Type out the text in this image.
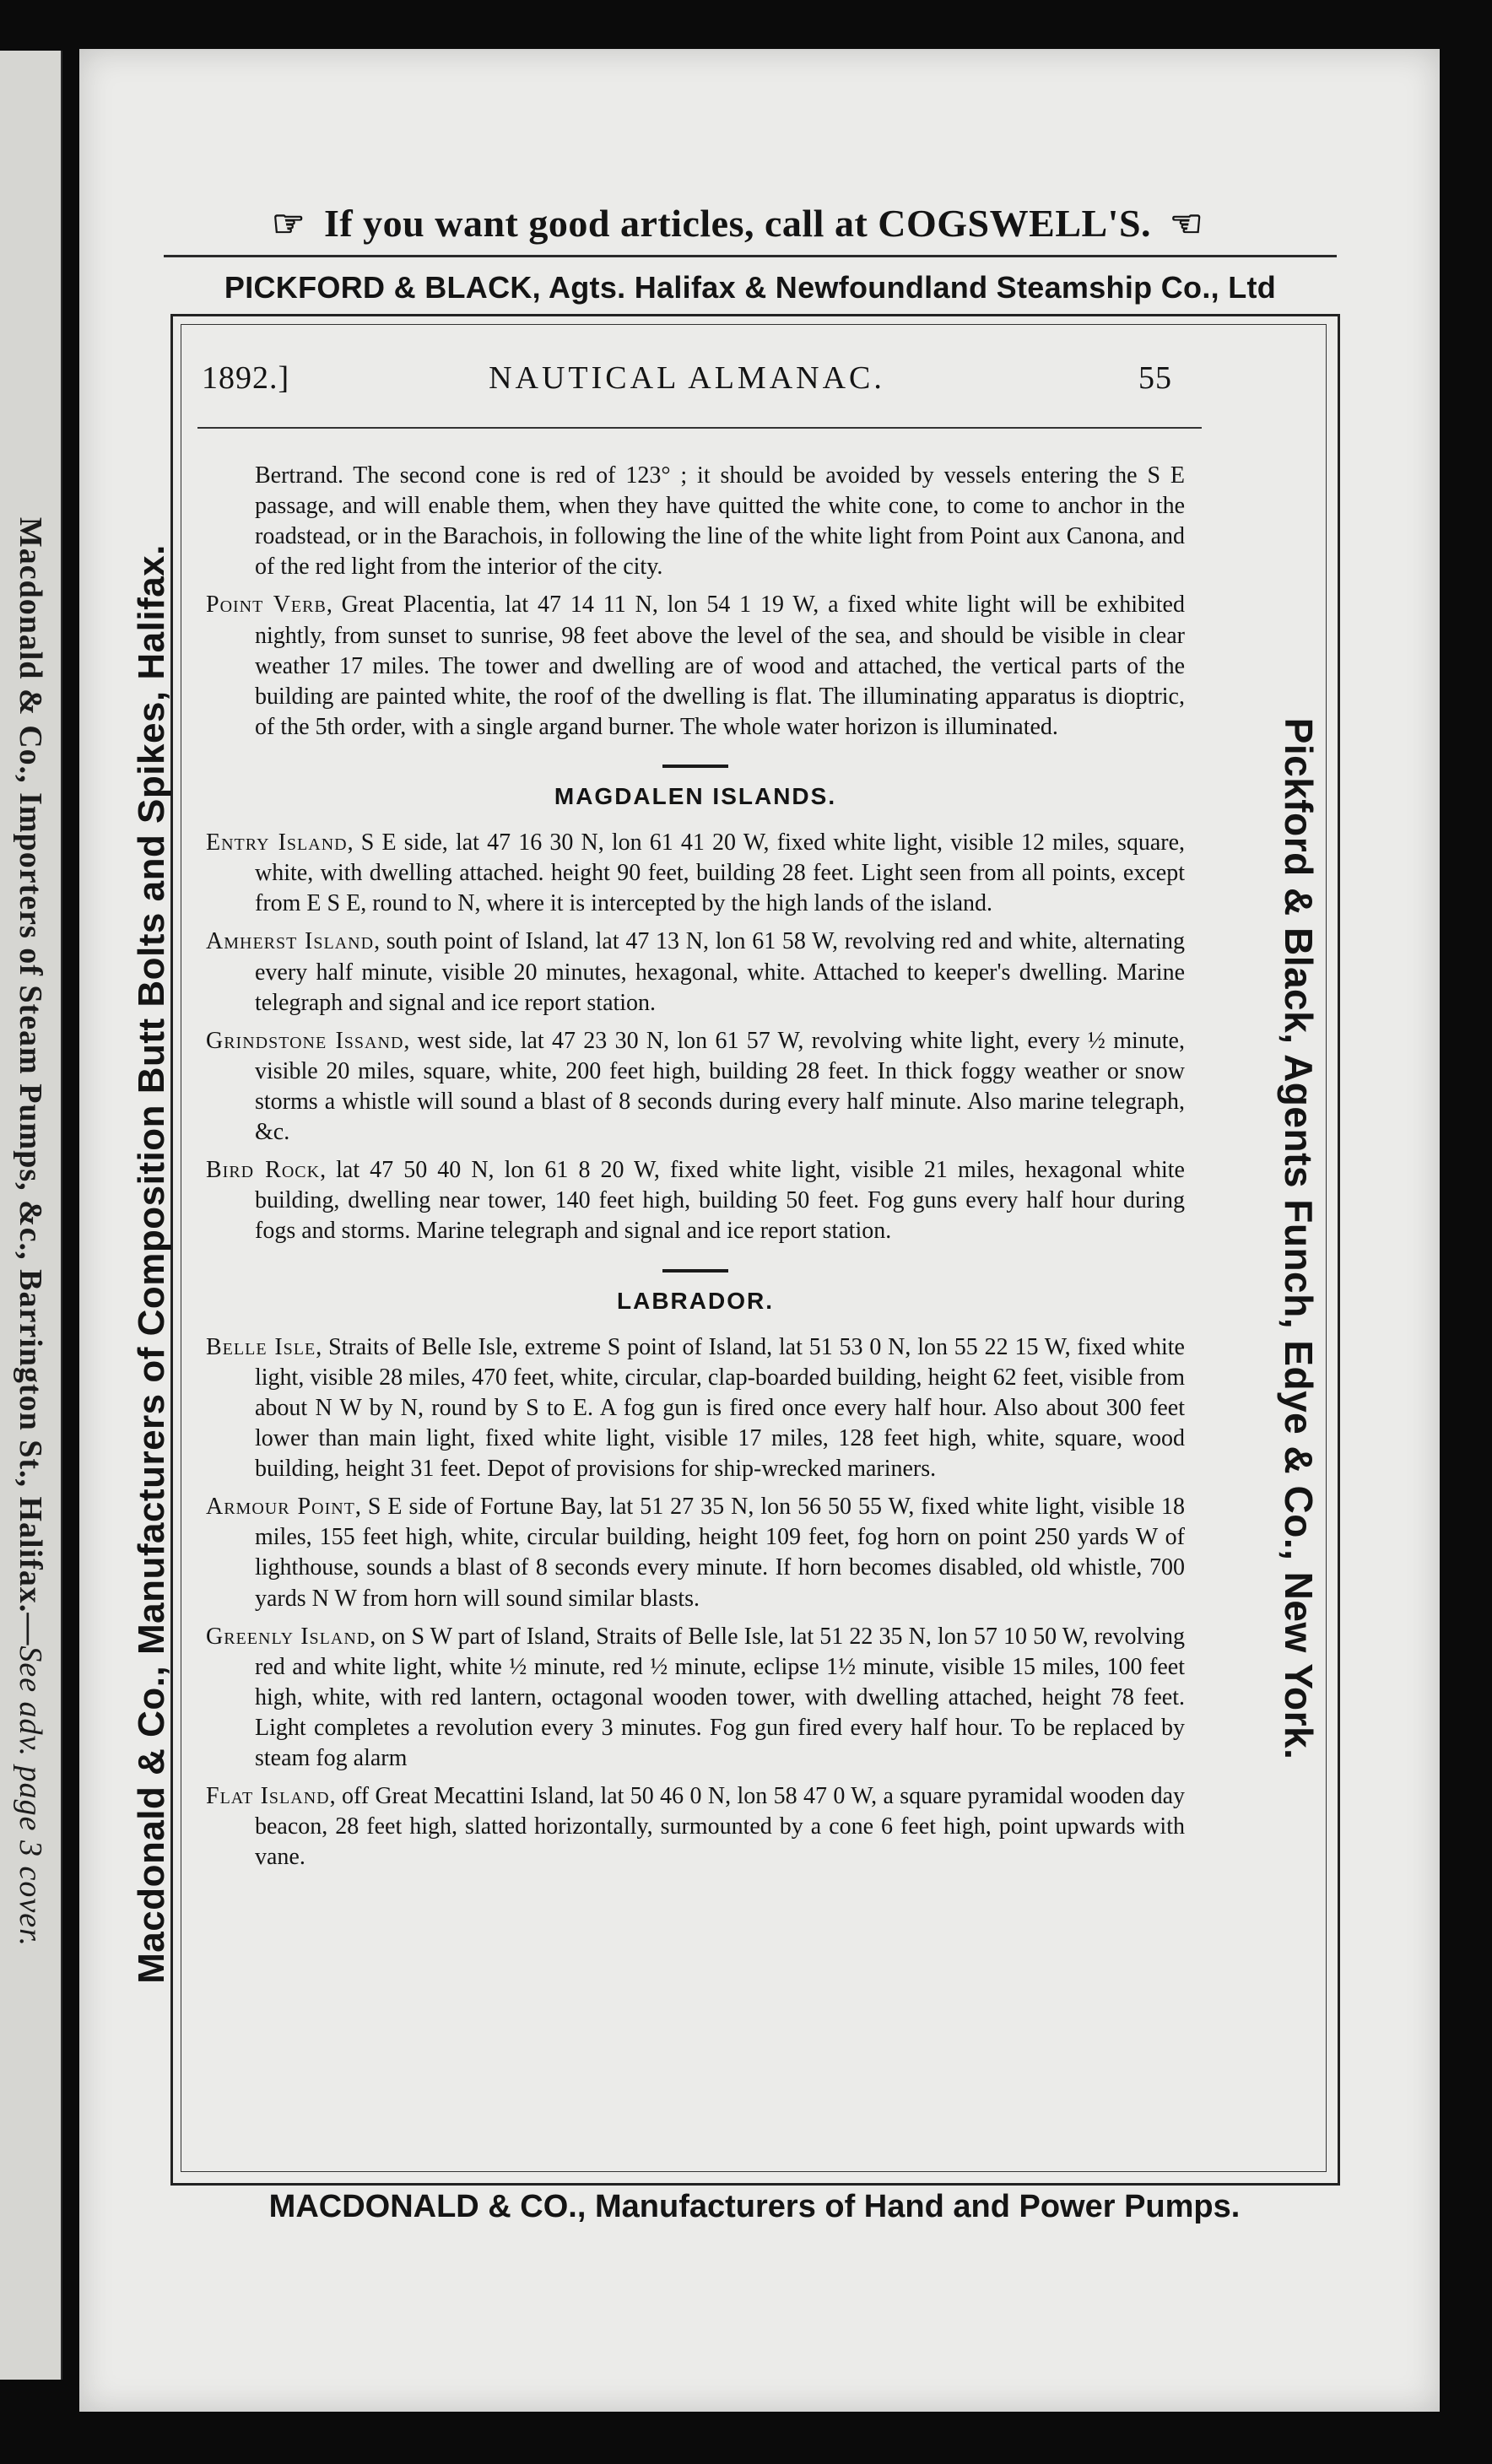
Macdonald & Co., Importers of Steam Pumps, &c., Barrington St., Halifax.—See adv. page 3 cover.
☞ If you want good articles, call at COGSWELL'S. ☜
PICKFORD & BLACK, Agts. Halifax & Newfoundland Steamship Co., Ltd
Macdonald & Co., Manufacturers of Composition Butt Bolts and Spikes, Halifax.	Pickford & Black, Agents Funch, Edye & Co., New York.
1892.]	NAUTICAL ALMANAC.	55

Bertrand. The second cone is red of 123° ; it should be avoided by vessels entering the S E passage, and will enable them, when they have quitted the white cone, to come to anchor in the roadstead, or in the Barachois, in following the line of the white light from Point aux Canona, and of the red light from the interior of the city.

Point Verb, Great Placentia, lat 47 14 11 N, lon 54 1 19 W, a fixed white light will be exhibited nightly, from sunset to sunrise, 98 feet above the level of the sea, and should be visible in clear weather 17 miles. The tower and dwelling are of wood and attached, the vertical parts of the building are painted white, the roof of the dwelling is flat. The illuminating apparatus is dioptric, of the 5th order, with a single argand burner. The whole water horizon is illuminated.

MAGDALEN ISLANDS.

Entry Island, S E side, lat 47 16 30 N, lon 61 41 20 W, fixed white light, visible 12 miles, square, white, with dwelling attached. height 90 feet, building 28 feet. Light seen from all points, except from E S E, round to N, where it is intercepted by the high lands of the island.

Amherst Island, south point of Island, lat 47 13 N, lon 61 58 W, revolving red and white, alternating every half minute, visible 20 minutes, hexagonal, white. Attached to keeper's dwelling. Marine telegraph and signal and ice report station.

Grindstone Issand, west side, lat 47 23 30 N, lon 61 57 W, revolving white light, every ½ minute, visible 20 miles, square, white, 200 feet high, building 28 feet. In thick foggy weather or snow storms a whistle will sound a blast of 8 seconds during every half minute. Also marine telegraph, &c.

Bird Rock, lat 47 50 40 N, lon 61 8 20 W, fixed white light, visible 21 miles, hexagonal white building, dwelling near tower, 140 feet high, building 50 feet. Fog guns every half hour during fogs and storms. Marine telegraph and signal and ice report station.

LABRADOR.

Belle Isle, Straits of Belle Isle, extreme S point of Island, lat 51 53 0 N, lon 55 22 15 W, fixed white light, visible 28 miles, 470 feet, white, circular, clap-boarded building, height 62 feet, visible from about N W by N, round by S to E. A fog gun is fired once every half hour. Also about 300 feet lower than main light, fixed white light, visible 17 miles, 128 feet high, white, square, wood building, height 31 feet. Depot of provisions for ship-wrecked mariners.

Armour Point, S E side of Fortune Bay, lat 51 27 35 N, lon 56 50 55 W, fixed white light, visible 18 miles, 155 feet high, white, circular building, height 109 feet, fog horn on point 250 yards W of lighthouse, sounds a blast of 8 seconds every minute. If horn becomes disabled, old whistle, 700 yards N W from horn will sound similar blasts.

Greenly Island, on S W part of Island, Straits of Belle Isle, lat 51 22 35 N, lon 57 10 50 W, revolving red and white light, white ½ minute, red ½ minute, eclipse 1½ minute, visible 15 miles, 100 feet high, white, with red lantern, octagonal wooden tower, with dwelling attached, height 78 feet. Light completes a revolution every 3 minutes. Fog gun fired every half hour. To be replaced by steam fog alarm

Flat Island, off Great Mecattini Island, lat 50 46 0 N, lon 58 47 0 W, a square pyramidal wooden day beacon, 28 feet high, slatted horizontally, surmounted by a cone 6 feet high, point upwards with vane.

MACDONALD & CO., Manufacturers of Hand and Power Pumps.
